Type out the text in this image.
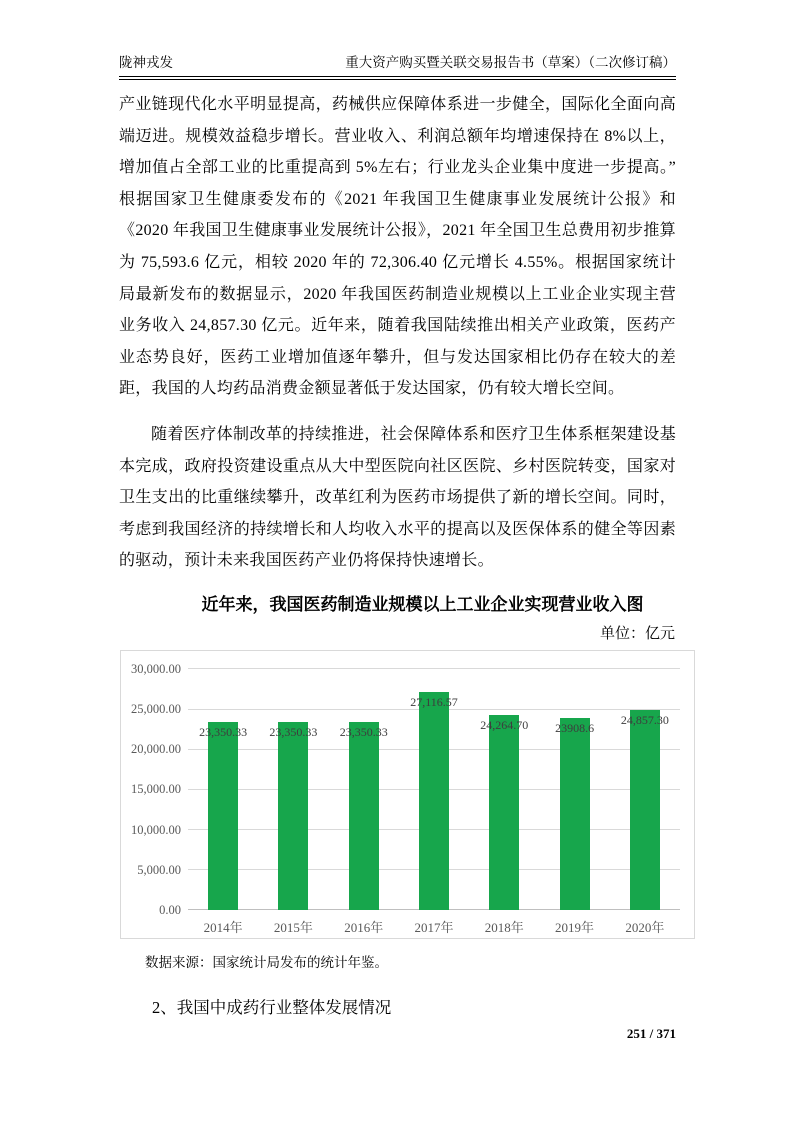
陇神戎发	重大资产购买暨关联交易报告书（草案）（二次修订稿）

产业链现代化水平明显提高，药械供应保障体系进一步健全，国际化全面向高端迈进。规模效益稳步增长。营业收入、利润总额年均增速保持在 8%以上，增加值占全部工业的比重提高到 5%左右；行业龙头企业集中度进一步提高。”根据国家卫生健康委发布的《2021 年我国卫生健康事业发展统计公报》和《2020 年我国卫生健康事业发展统计公报》，2021 年全国卫生总费用初步推算为 75,593.6 亿元，相较 2020 年的 72,306.40 亿元增长 4.55%。根据国家统计局最新发布的数据显示，2020 年我国医药制造业规模以上工业企业实现主营业务收入 24,857.30 亿元。近年来，随着我国陆续推出相关产业政策，医药产业态势良好，医药工业增加值逐年攀升，但与发达国家相比仍存在较大的差距，我国的人均药品消费金额显著低于发达国家，仍有较大增长空间。

随着医疗体制改革的持续推进，社会保障体系和医疗卫生体系框架建设基本完成，政府投资建设重点从大中型医院向社区医院、乡村医院转变，国家对卫生支出的比重继续攀升，改革红利为医药市场提供了新的增长空间。同时，考虑到我国经济的持续增长和人均收入水平的提高以及医保体系的健全等因素的驱动，预计未来我国医药产业仍将保持快速增长。

近年来，我国医药制造业规模以上工业企业实现营业收入图
单位：亿元
0.00
5,000.00
10,000.00
15,000.00
20,000.00
25,000.00
30,000.00
23,350.33
2014年
23,350.33
2015年
23,350.33
2016年
27,116.57
2017年
24,264.70
2018年
23908.6
2019年
24,857.30
2020年
数据来源：国家统计局发布的统计年鉴。
2、我国中成药行业整体发展情况
251 / 371
